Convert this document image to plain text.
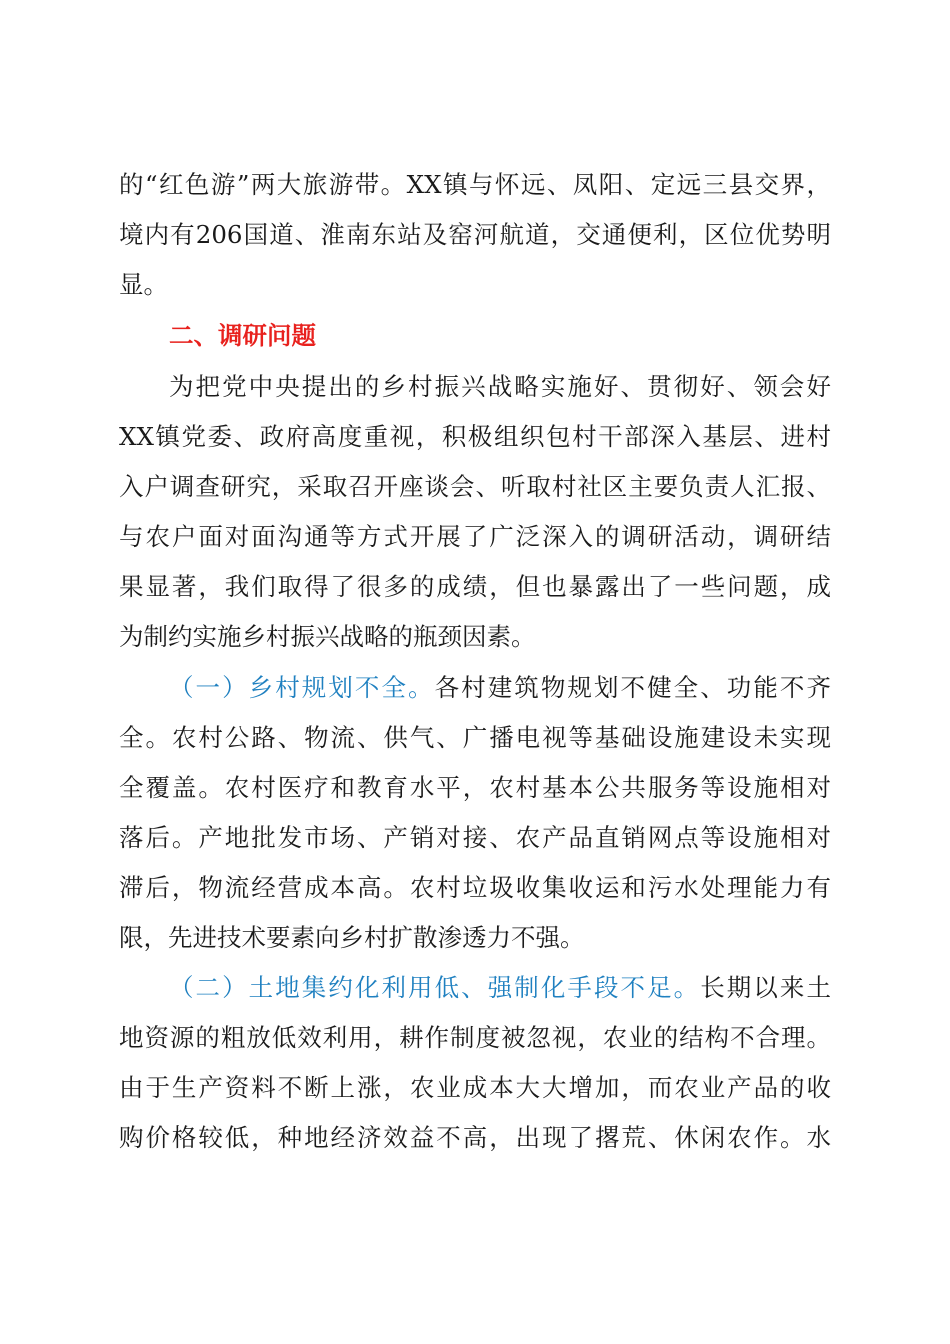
的“红色游”两大旅游带。XX镇与怀远、凤阳、定远三县交界，
境内有206国道、淮南东站及窑河航道，交通便利，区位优势明
显。
二、调研问题
为把党中央提出的乡村振兴战略实施好、贯彻好、领会好
XX镇党委、政府高度重视，积极组织包村干部深入基层、进村
入户调查研究，采取召开座谈会、听取村社区主要负责人汇报、
与农户面对面沟通等方式开展了广泛深入的调研活动，调研结
果显著，我们取得了很多的成绩，但也暴露出了一些问题，成
为制约实施乡村振兴战略的瓶颈因素。
（一）乡村规划不全。各村建筑物规划不健全、功能不齐
全。农村公路、物流、供气、广播电视等基础设施建设未实现
全覆盖。农村医疗和教育水平，农村基本公共服务等设施相对
落后。产地批发市场、产销对接、农产品直销网点等设施相对
滞后，物流经营成本高。农村垃圾收集收运和污水处理能力有
限，先进技术要素向乡村扩散渗透力不强。
（二）土地集约化利用低、强制化手段不足。长期以来土
地资源的粗放低效利用，耕作制度被忽视，农业的结构不合理。
由于生产资料不断上涨，农业成本大大增加，而农业产品的收
购价格较低，种地经济效益不高，出现了撂荒、休闲农作。水
